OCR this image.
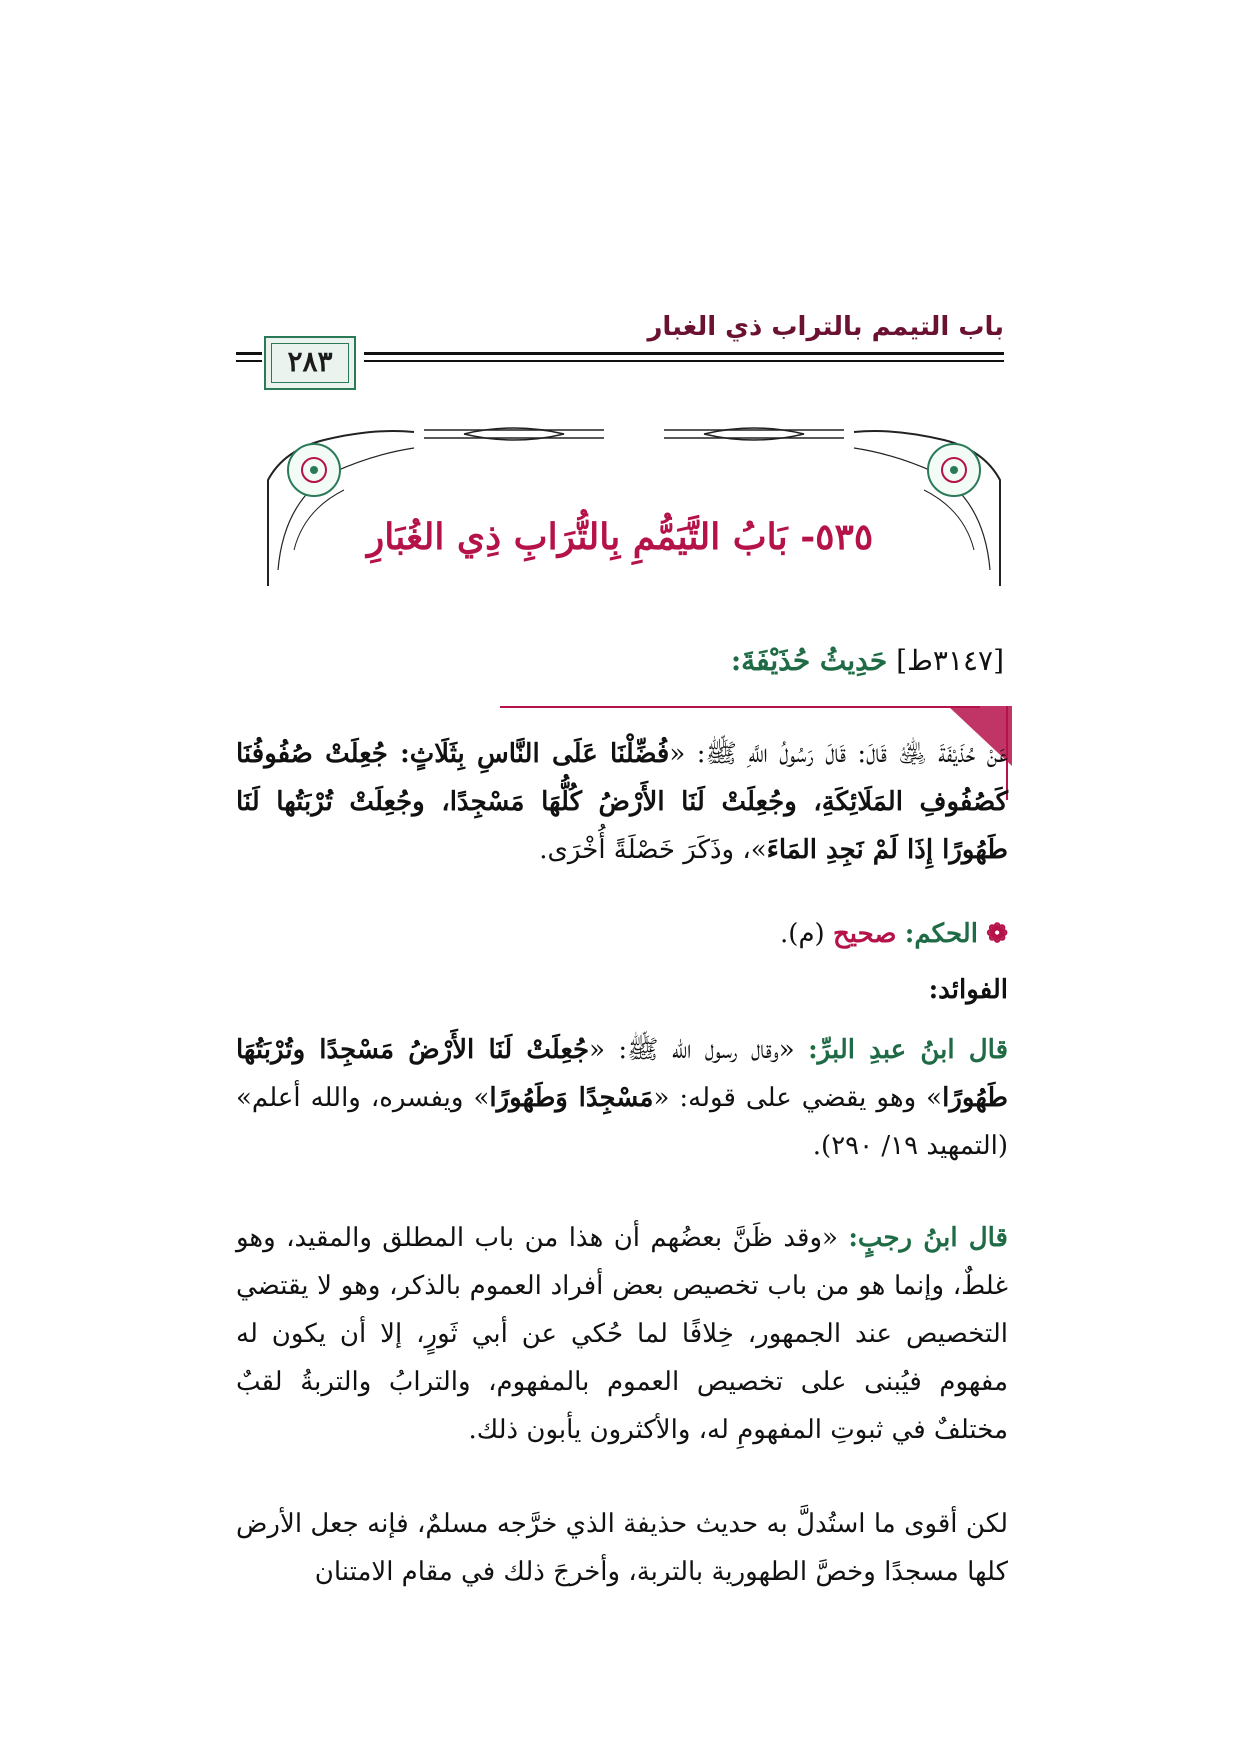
باب التيمم بالتراب ذي الغبار
٢٨٣
٥٣٥- بَابُ التَّيَمُّمِ بِالتُّرَابِ ذِي الغُبَارِ
[٣١٤٧ط] حَدِيثُ حُذَيْفَةَ:
عَنْ حُذَيْفَةَ ﵁ قَالَ: قَالَ رَسُولُ اللَّهِ ﷺ: «فُضِّلْنَا عَلَى النَّاسِ بِثَلَاثٍ: جُعِلَتْ صُفُوفُنَا كَصُفُوفِ المَلَائِكَةِ، وجُعِلَتْ لَنَا الأَرْضُ كُلُّهَا مَسْجِدًا، وجُعِلَتْ تُرْبَتُها لَنَا طَهُورًا إِذَا لَمْ نَجِدِ المَاءَ»، وذَكَرَ خَصْلَةً أُخْرَى.
❁ الحكم: صحيح (م).
الفوائد:
قال ابنُ عبدِ البرِّ: «وقال رسول الله ﷺ: «جُعِلَتْ لَنَا الأَرْضُ مَسْجِدًا وتُرْبَتُهَا طَهُورًا» وهو يقضي على قوله: «مَسْجِدًا وَطَهُورًا» ويفسره، والله أعلم» (التمهيد ١٩/ ٢٩٠).
قال ابنُ رجبٍ: «وقد ظَنَّ بعضُهم أن هذا من باب المطلق والمقيد، وهو غلطٌ، وإنما هو من باب تخصيص بعض أفراد العموم بالذكر، وهو لا يقتضي التخصيص عند الجمهور، خِلافًا لما حُكي عن أبي ثَورٍ، إلا أن يكون له مفهوم فيُبنى على تخصيص العموم بالمفهوم، والترابُ والتربةُ لقبٌ مختلفٌ في ثبوتِ المفهومِ له، والأكثرون يأبون ذلك.
لكن أقوى ما استُدلَّ به حديث حذيفة الذي خرَّجه مسلمٌ، فإنه جعل الأرض كلها مسجدًا وخصَّ الطهورية بالتربة، وأخرجَ ذلك في مقام الامتنان
